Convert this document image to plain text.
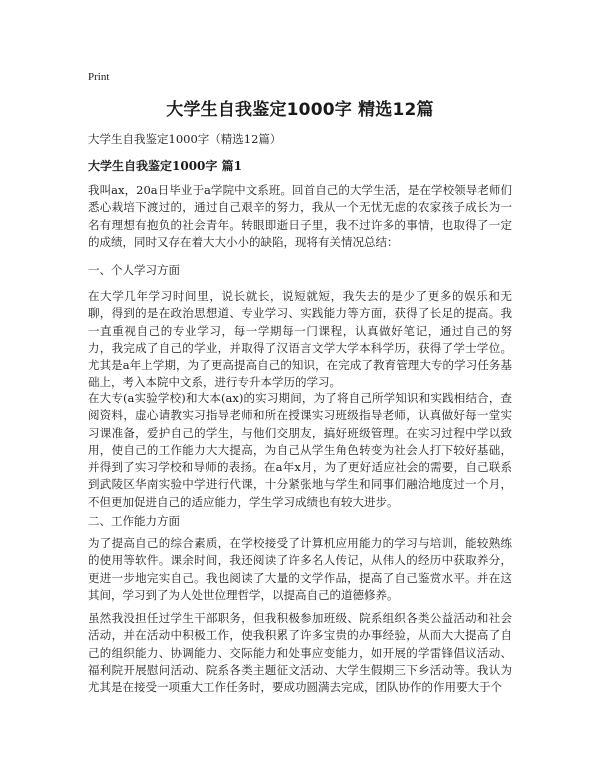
Print
大学生自我鉴定1000字 精选12篇
大学生自我鉴定1000字（精选12篇）
大学生自我鉴定1000字 篇1
我叫ax，20a日毕业于a学院中文系班。回首自己的大学生活，是在学校领导老师们悉心栽培下渡过的，通过自己艰辛的努力，我从一个无忧无虑的农家孩子成长为一名有理想有抱负的社会青年。转眼即逝日子里，我不过许多的事情，也取得了一定的成绩，同时又存在着大大小小的缺陷，现将有关情况总结：
一、个人学习方面
在大学几年学习时间里，说长就长，说短就短，我失去的是少了更多的娱乐和无聊，得到的是在政治思想道、专业学习、实践能力等方面，获得了长足的提高。我一直重视自己的专业学习，每一学期每一门课程，认真做好笔记，通过自己的努力，我完成了自己的学业，并取得了汉语言文学大学本科学历，获得了学士学位。尤其是a年上学期，为了更高提高自己的知识，在完成了教育管理大专的学习任务基础上，考入本院中文系，进行专升本学历的学习。
在大专(a实验学校)和大本(ax)的实习期间，为了将自己所学知识和实践相结合，查阅资料，虚心请教实习指导老师和所在授课实习班级指导老师，认真做好每一堂实习课准备，爱护自己的学生，与他们交朋友，搞好班级管理。在实习过程中学以致用，使自己的工作能力大大提高，为自己从学生角色转变为社会人打下较好基础，并得到了实习学校和导师的表扬。在a年x月，为了更好适应社会的需要，自己联系到武陵区华南实验中学进行代课，十分紧张地与学生和同事们融洽地度过一个月，不但更加促进自己的适应能力，学生学习成绩也有较大进步。
二、工作能力方面
为了提高自己的综合素质，在学校接受了计算机应用能力的学习与培训，能较熟练的使用等软件。课余时间，我还阅读了许多名人传记，从伟人的经历中获取养分，更进一步地完实自己。我也阅读了大量的文学作品，提高了自己鉴赏水平。并在这其间，学习到了为人处世位理哲学，以提高自己的道德修养。
虽然我没担任过学生干部职务，但我积极参加班级、院系组织各类公益活动和社会活动，并在活动中积极工作，使我积累了许多宝贵的办事经验，从而大大提高了自己的组织能力、协调能力、交际能力和处事应变能力，如开展的学雷锋倡议活动、福利院开展慰问活动、院系各类主题征文活动、大学生假期三下乡活动等。我认为尤其是在接受一项重大工作任务时，要成功圆满去完成，团队协作的作用要大于个
